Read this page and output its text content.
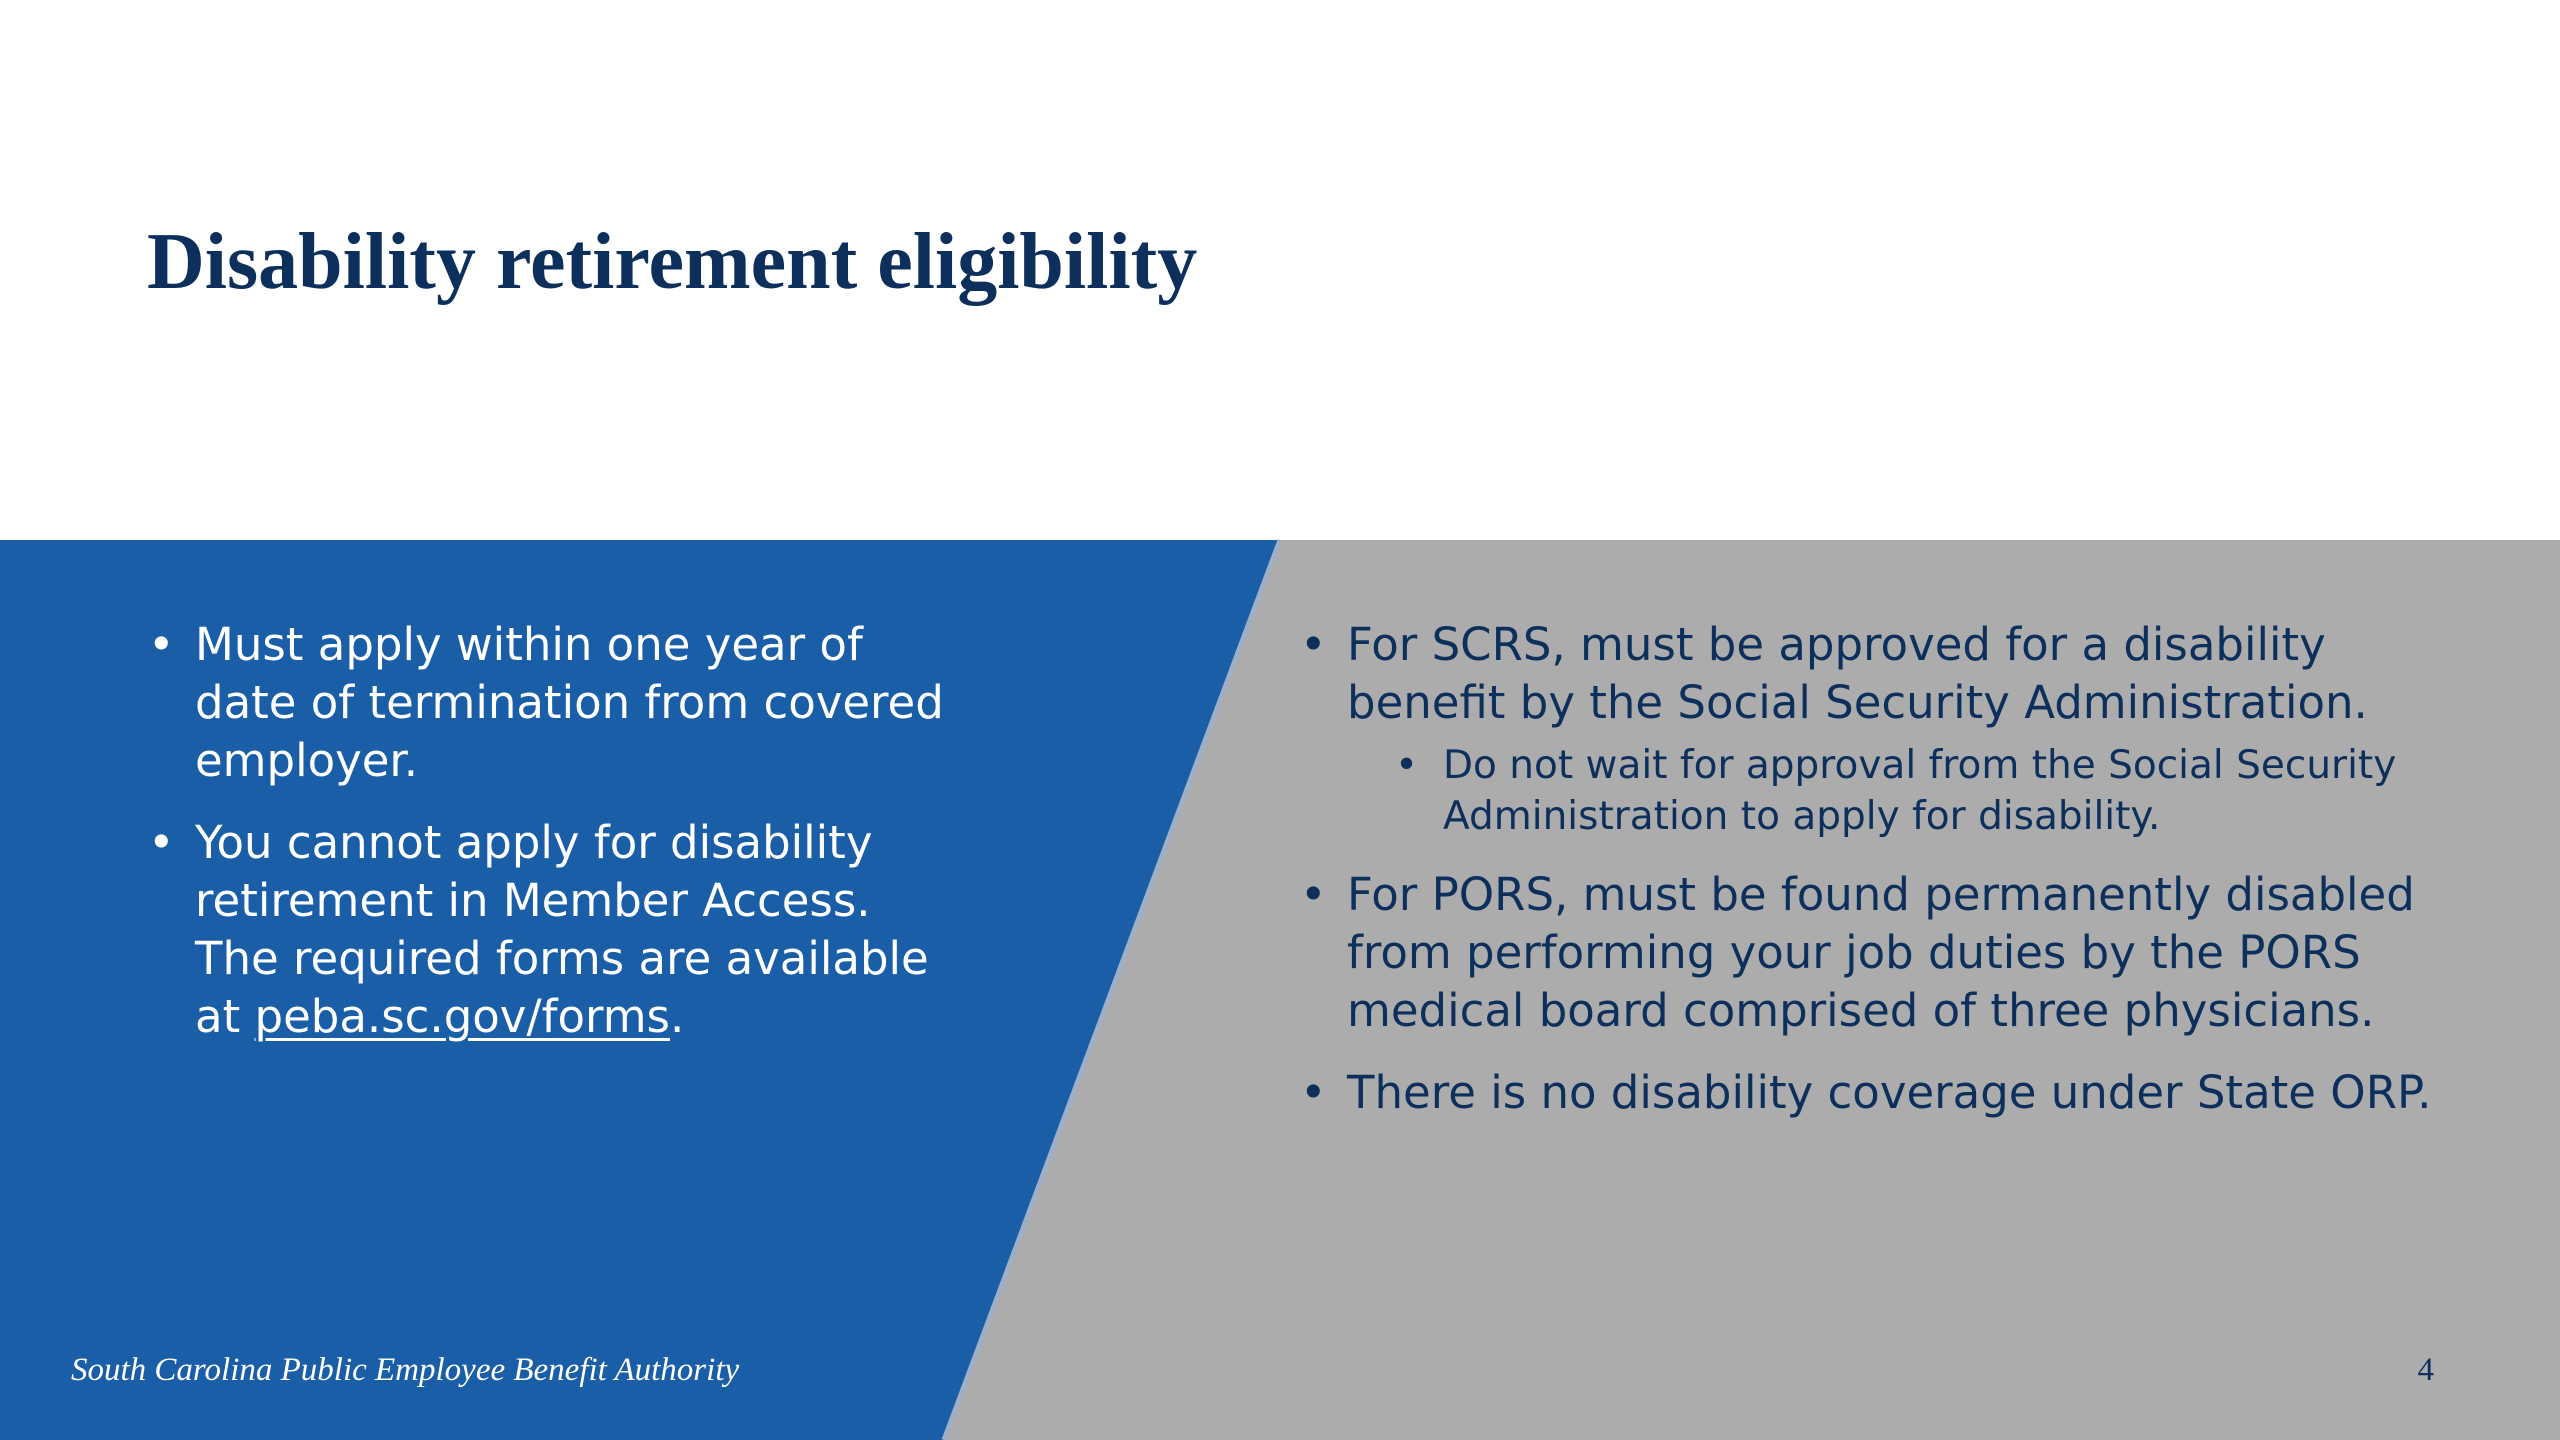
Disability retirement eligibility
• Must apply within one year of date of termination from covered employer.
• You cannot apply for disability retirement in Member Access. The required forms are available at peba.sc.gov/forms.
• For SCRS, must be approved for a disability benefit by the Social Security Administration.
• Do not wait for approval from the Social Security Administration to apply for disability.
• For PORS, must be found permanently disabled from performing your job duties by the PORS medical board comprised of three physicians.
• There is no disability coverage under State ORP.
South Carolina Public Employee Benefit Authority	4
